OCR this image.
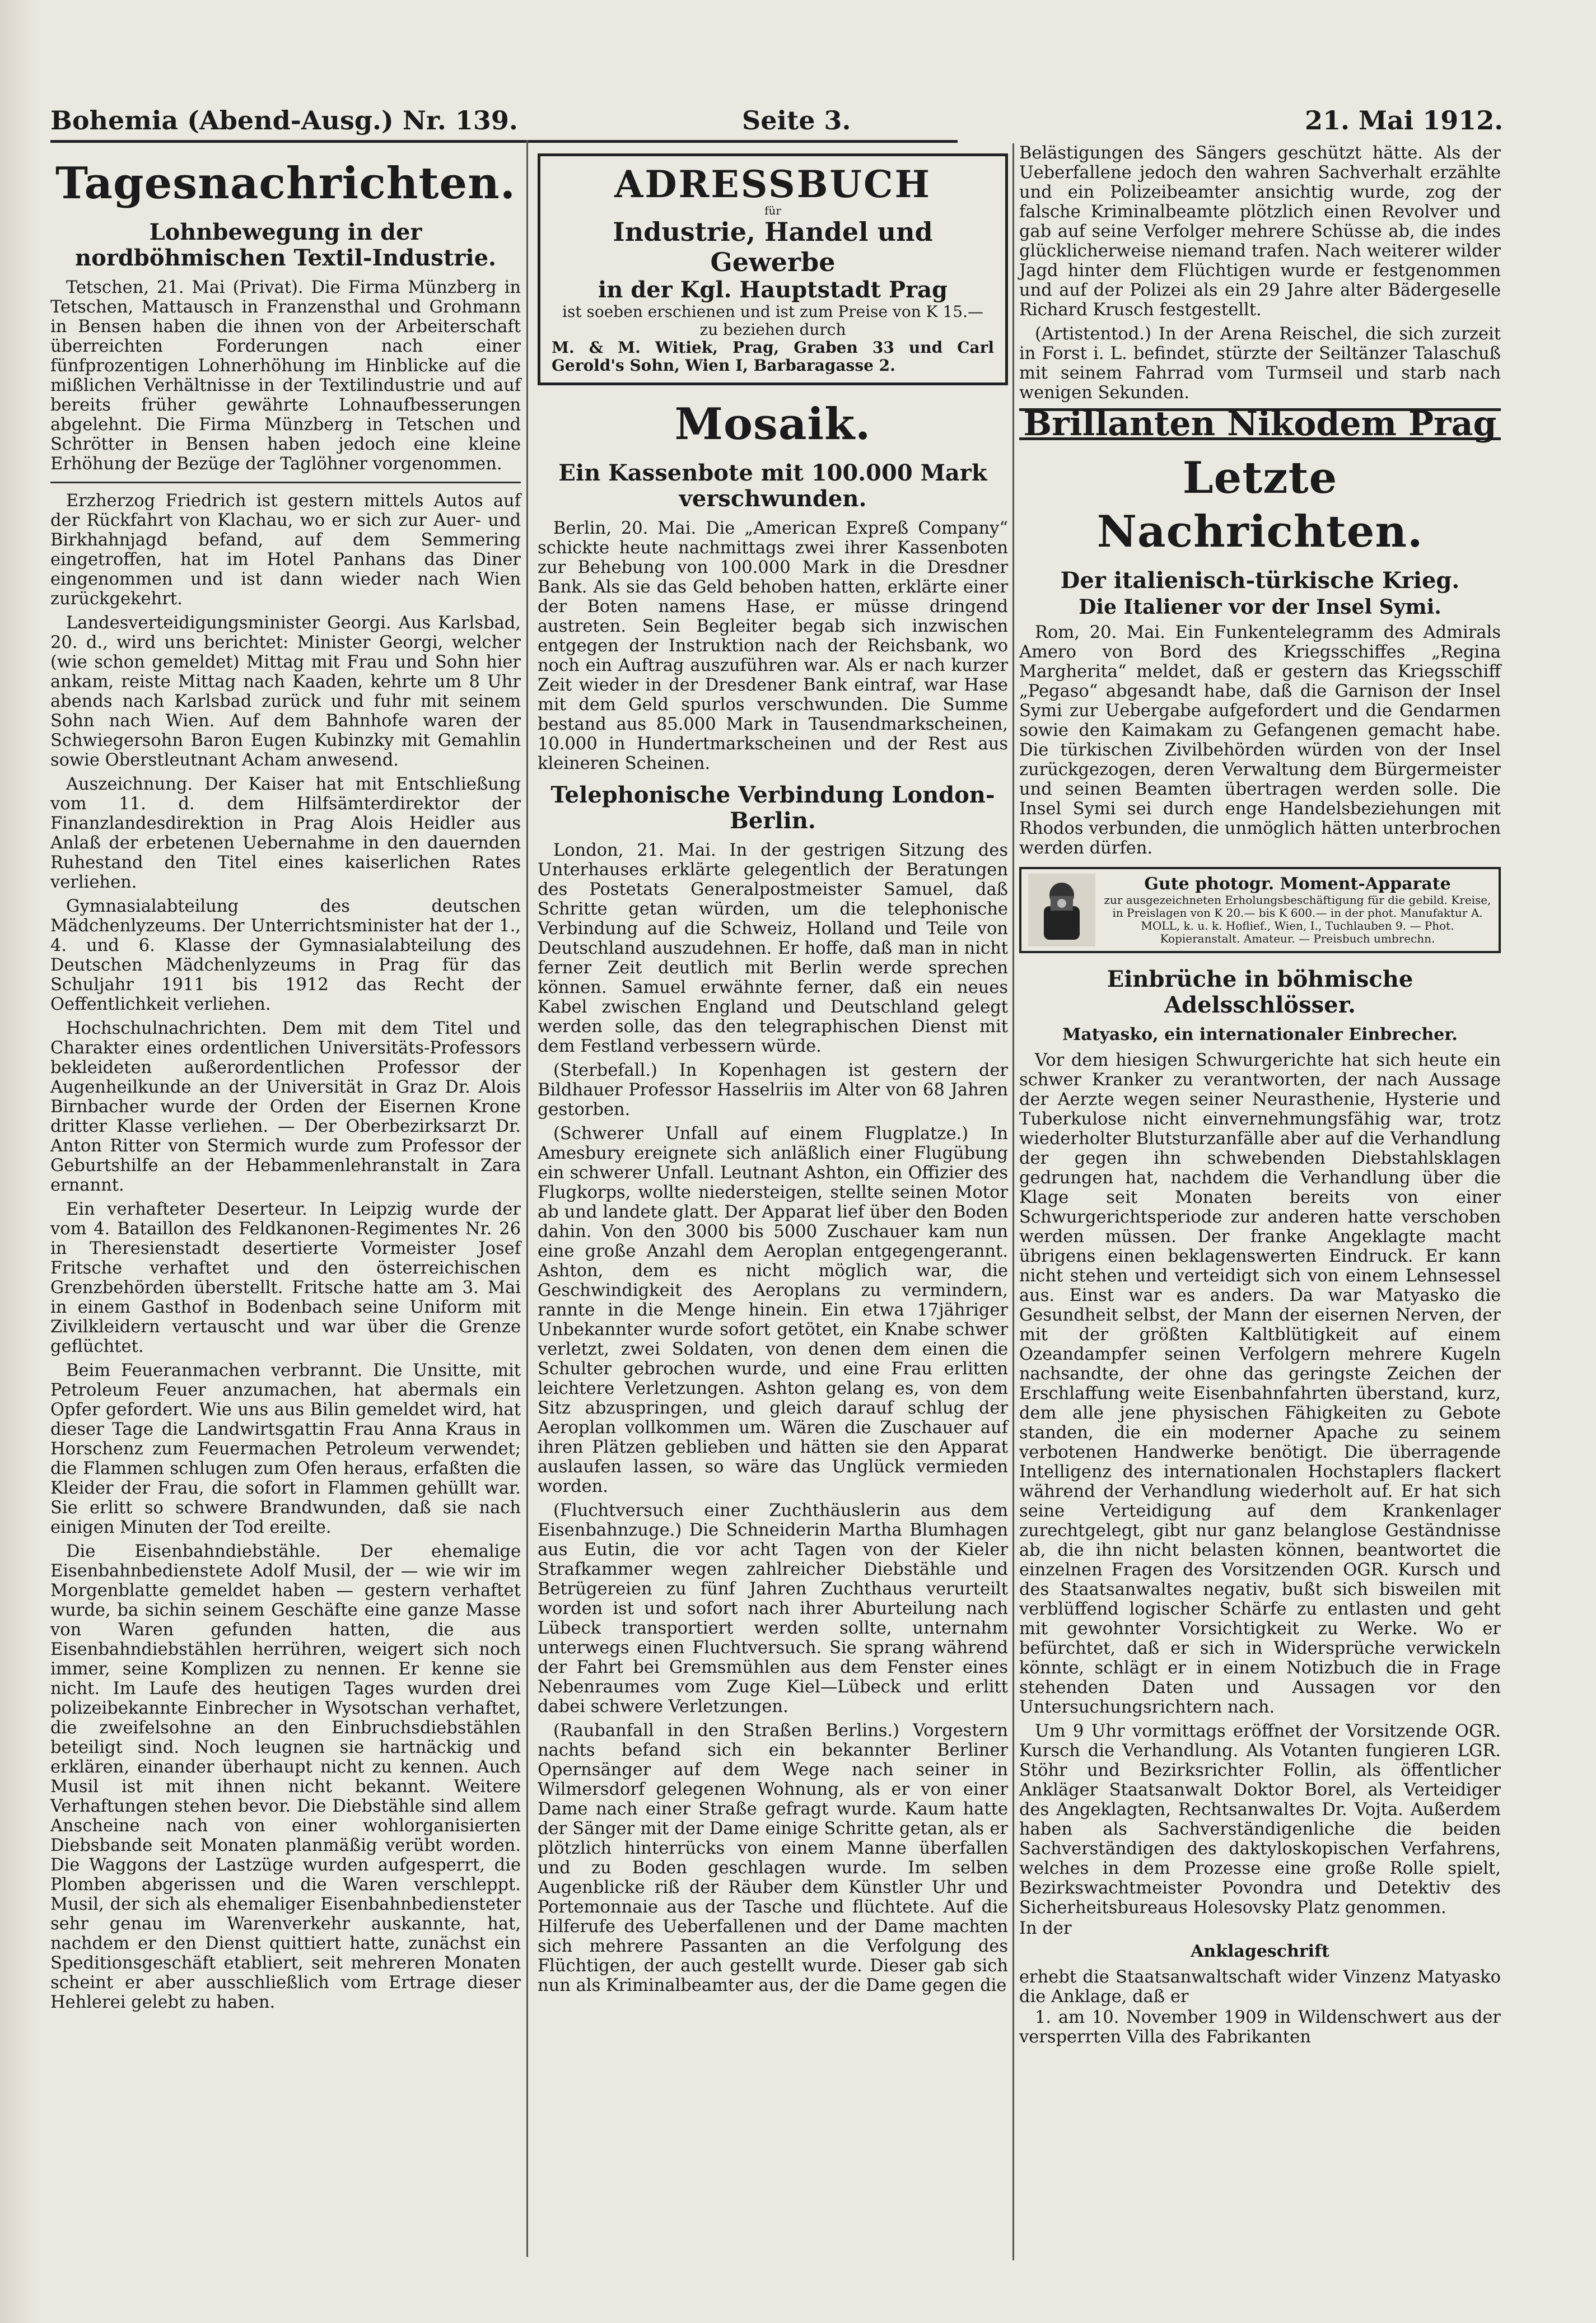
Bohemia (Abend-Ausg.) Nr. 139.	Seite 3.	21. Mai 1912.
Tagesnachrichten.
Lohnbewegung in der nordböhmischen Textil-Industrie.

Tetschen, 21. Mai (Privat). Die Firma Münzberg in Tetschen, Mattausch in Franzensthal und Grohmann in Bensen haben die ihnen von der Arbeiterschaft überreichten Forderungen nach einer fünfprozentigen Lohnerhöhung im Hinblicke auf die mißlichen Verhältnisse in der Textilindustrie und auf bereits früher gewährte Lohnaufbesserungen abgelehnt. Die Firma Münzberg in Tetschen und Schrötter in Bensen haben jedoch eine kleine Erhöhung der Bezüge der Taglöhner vorgenommen.

Erzherzog Friedrich ist gestern mittels Autos auf der Rückfahrt von Klachau, wo er sich zur Auer- und Birkhahnjagd befand, auf dem Semmering eingetroffen, hat im Hotel Panhans das Diner eingenommen und ist dann wieder nach Wien zurückgekehrt.

Landesverteidigungsminister Georgi. Aus Karlsbad, 20. d., wird uns berichtet: Minister Georgi, welcher (wie schon gemeldet) Mittag mit Frau und Sohn hier ankam, reiste Mittag nach Kaaden, kehrte um 8 Uhr abends nach Karlsbad zurück und fuhr mit seinem Sohn nach Wien. Auf dem Bahnhofe waren der Schwiegersohn Baron Eugen Kubinzky mit Gemahlin sowie Oberstleutnant Acham anwesend.

Auszeichnung. Der Kaiser hat mit Entschließung vom 11. d. dem Hilfsämterdirektor der Finanzlandesdirektion in Prag Alois Heidler aus Anlaß der erbetenen Uebernahme in den dauernden Ruhestand den Titel eines kaiserlichen Rates verliehen.

Gymnasialabteilung des deutschen Mädchenlyzeums. Der Unterrichtsminister hat der 1., 4. und 6. Klasse der Gymnasialabteilung des Deutschen Mädchenlyzeums in Prag für das Schuljahr 1911 bis 1912 das Recht der Oeffentlichkeit verliehen.

Hochschulnachrichten. Dem mit dem Titel und Charakter eines ordentlichen Universitäts-Professors bekleideten außerordentlichen Professor der Augenheilkunde an der Universität in Graz Dr. Alois Birnbacher wurde der Orden der Eisernen Krone dritter Klasse verliehen. — Der Oberbezirksarzt Dr. Anton Ritter von Stermich wurde zum Professor der Geburtshilfe an der Hebammenlehranstalt in Zara ernannt.

Ein verhafteter Deserteur. In Leipzig wurde der vom 4. Bataillon des Feldkanonen-Regimentes Nr. 26 in Theresienstadt desertierte Vormeister Josef Fritsche verhaftet und den österreichischen Grenzbehörden überstellt. Fritsche hatte am 3. Mai in einem Gasthof in Bodenbach seine Uniform mit Zivilkleidern vertauscht und war über die Grenze geflüchtet.

Beim Feueranmachen verbrannt. Die Unsitte, mit Petroleum Feuer anzumachen, hat abermals ein Opfer gefordert. Wie uns aus Bilin gemeldet wird, hat dieser Tage die Landwirtsgattin Frau Anna Kraus in Horschenz zum Feuermachen Petroleum verwendet; die Flammen schlugen zum Ofen heraus, erfaßten die Kleider der Frau, die sofort in Flammen gehüllt war. Sie erlitt so schwere Brandwunden, daß sie nach einigen Minuten der Tod ereilte.

Die Eisenbahndiebstähle. Der ehemalige Eisenbahnbedienstete Adolf Musil, der — wie wir im Morgenblatte gemeldet haben — gestern verhaftet wurde, ba sichin seinem Geschäfte eine ganze Masse von Waren gefunden hatten, die aus Eisenbahndiebstählen herrühren, weigert sich noch immer, seine Komplizen zu nennen. Er kenne sie nicht. Im Laufe des heutigen Tages wurden drei polizeibekannte Einbrecher in Wysotschan verhaftet, die zweifelsohne an den Einbruchsdiebstählen beteiligt sind. Noch leugnen sie hartnäckig und erklären, einander überhaupt nicht zu kennen. Auch Musil ist mit ihnen nicht bekannt. Weitere Verhaftungen stehen bevor. Die Diebstähle sind allem Anscheine nach von einer wohlorganisierten Diebsbande seit Monaten planmäßig verübt worden. Die Waggons der Lastzüge wurden aufgesperrt, die Plomben abgerissen und die Waren verschleppt. Musil, der sich als ehemaliger Eisenbahnbediensteter sehr genau im Warenverkehr auskannte, hat, nachdem er den Dienst quittiert hatte, zunächst ein Speditionsgeschäft etabliert, seit mehreren Monaten scheint er aber ausschließlich vom Ertrage dieser Hehlerei gelebt zu haben.

ADRESSBUCH
für
Industrie, Handel und Gewerbe
in der Kgl. Hauptstadt Prag
ist soeben erschienen und ist zum Preise von K 15.— zu beziehen durch
M. & M. Witiek, Prag, Graben 33 und Carl Gerold's Sohn, Wien I, Barbaragasse 2.
Mosaik.
Ein Kassenbote mit 100.000 Mark verschwunden.

Berlin, 20. Mai. Die „American Expreß Company“ schickte heute nachmittags zwei ihrer Kassenboten zur Behebung von 100.000 Mark in die Dresdner Bank. Als sie das Geld behoben hatten, erklärte einer der Boten namens Hase, er müsse dringend austreten. Sein Begleiter begab sich inzwischen entgegen der Instruktion nach der Reichsbank, wo noch ein Auftrag auszuführen war. Als er nach kurzer Zeit wieder in der Dresdener Bank eintraf, war Hase mit dem Geld spurlos verschwunden. Die Summe bestand aus 85.000 Mark in Tausendmarkscheinen, 10.000 in Hundertmarkscheinen und der Rest aus kleineren Scheinen.

Telephonische Verbindung London-Berlin.

London, 21. Mai. In der gestrigen Sitzung des Unterhauses erklärte gelegentlich der Beratungen des Postetats Generalpostmeister Samuel, daß Schritte getan würden, um die telephonische Verbindung auf die Schweiz, Holland und Teile von Deutschland auszudehnen. Er hoffe, daß man in nicht ferner Zeit deutlich mit Berlin werde sprechen können. Samuel erwähnte ferner, daß ein neues Kabel zwischen England und Deutschland gelegt werden solle, das den telegraphischen Dienst mit dem Festland verbessern würde.

(Sterbefall.) In Kopenhagen ist gestern der Bildhauer Professor Hasselriis im Alter von 68 Jahren gestorben.

(Schwerer Unfall auf einem Flugplatze.) In Amesbury ereignete sich anläßlich einer Flugübung ein schwerer Unfall. Leutnant Ashton, ein Offizier des Flugkorps, wollte niedersteigen, stellte seinen Motor ab und landete glatt. Der Apparat lief über den Boden dahin. Von den 3000 bis 5000 Zuschauer kam nun eine große Anzahl dem Aeroplan entgegengerannt. Ashton, dem es nicht möglich war, die Geschwindigkeit des Aeroplans zu vermindern, rannte in die Menge hinein. Ein etwa 17jähriger Unbekannter wurde sofort getötet, ein Knabe schwer verletzt, zwei Soldaten, von denen dem einen die Schulter gebrochen wurde, und eine Frau erlitten leichtere Verletzungen. Ashton gelang es, von dem Sitz abzuspringen, und gleich darauf schlug der Aeroplan vollkommen um. Wären die Zuschauer auf ihren Plätzen geblieben und hätten sie den Apparat auslaufen lassen, so wäre das Unglück vermieden worden.

(Fluchtversuch einer Zuchthäuslerin aus dem Eisenbahnzuge.) Die Schneiderin Martha Blumhagen aus Eutin, die vor acht Tagen von der Kieler Strafkammer wegen zahlreicher Diebstähle und Betrügereien zu fünf Jahren Zuchthaus verurteilt worden ist und sofort nach ihrer Aburteilung nach Lübeck transportiert werden sollte, unternahm unterwegs einen Fluchtversuch. Sie sprang während der Fahrt bei Gremsmühlen aus dem Fenster eines Nebenraumes vom Zuge Kiel—Lübeck und erlitt dabei schwere Verletzungen.

(Raubanfall in den Straßen Berlins.) Vorgestern nachts befand sich ein bekannter Berliner Opernsänger auf dem Wege nach seiner in Wilmersdorf gelegenen Wohnung, als er von einer Dame nach einer Straße gefragt wurde. Kaum hatte der Sänger mit der Dame einige Schritte getan, als er plötzlich hinterrücks von einem Manne überfallen und zu Boden geschlagen wurde. Im selben Augenblicke riß der Räuber dem Künstler Uhr und Portemonnaie aus der Tasche und flüchtete. Auf die Hilferufe des Ueberfallenen und der Dame machten sich mehrere Passanten an die Verfolgung des Flüchtigen, der auch gestellt wurde. Dieser gab sich nun als Kriminalbeamter aus, der die Dame gegen die

Belästigungen des Sängers geschützt hätte. Als der Ueberfallene jedoch den wahren Sachverhalt erzählte und ein Polizeibeamter ansichtig wurde, zog der falsche Kriminalbeamte plötzlich einen Revolver und gab auf seine Verfolger mehrere Schüsse ab, die indes glücklicherweise niemand trafen. Nach weiterer wilder Jagd hinter dem Flüchtigen wurde er festgenommen und auf der Polizei als ein 29 Jahre alter Bädergeselle Richard Krusch festgestellt.

(Artistentod.) In der Arena Reischel, die sich zurzeit in Forst i. L. befindet, stürzte der Seiltänzer Talaschuß mit seinem Fahrrad vom Turmseil und starb nach wenigen Sekunden.

Brillanten Nikodem Prag
Letzte Nachrichten.
Der italienisch-türkische Krieg.
Die Italiener vor der Insel Symi.

Rom, 20. Mai. Ein Funkentelegramm des Admirals Amero von Bord des Kriegsschiffes „Regina Margherita“ meldet, daß er gestern das Kriegsschiff „Pegaso“ abgesandt habe, daß die Garnison der Insel Symi zur Uebergabe aufgefordert und die Gendarmen sowie den Kaimakam zu Gefangenen gemacht habe. Die türkischen Zivilbehörden würden von der Insel zurückgezogen, deren Verwaltung dem Bürgermeister und seinen Beamten übertragen werden solle. Die Insel Symi sei durch enge Handelsbeziehungen mit Rhodos verbunden, die unmöglich hätten unterbrochen werden dürfen.

Gute photogr. Moment-Apparate
zur ausgezeichneten Erholungsbeschäftigung für die gebild. Kreise, in Preislagen von K 20.— bis K 600.— in der phot. Manufaktur A. MOLL, k. u. k. Hoflief., Wien, I., Tuchlauben 9. — Phot. Kopieranstalt. Amateur. — Preisbuch umbrechn.
Einbrüche in böhmische Adelsschlösser.
Matyasko, ein internationaler Einbrecher.

Vor dem hiesigen Schwurgerichte hat sich heute ein schwer Kranker zu verantworten, der nach Aussage der Aerzte wegen seiner Neurasthenie, Hysterie und Tuberkulose nicht einvernehmungsfähig war, trotz wiederholter Blutsturzanfälle aber auf die Verhandlung der gegen ihn schwebenden Diebstahlsklagen gedrungen hat, nachdem die Verhandlung über die Klage seit Monaten bereits von einer Schwurgerichtsperiode zur anderen hatte verschoben werden müssen. Der franke Angeklagte macht übrigens einen beklagenswerten Eindruck. Er kann nicht stehen und verteidigt sich von einem Lehnsessel aus. Einst war es anders. Da war Matyasko die Gesundheit selbst, der Mann der eisernen Nerven, der mit der größten Kaltblütigkeit auf einem Ozeandampfer seinen Verfolgern mehrere Kugeln nachsandte, der ohne das geringste Zeichen der Erschlaffung weite Eisenbahnfahrten überstand, kurz, dem alle jene physischen Fähigkeiten zu Gebote standen, die ein moderner Apache zu seinem verbotenen Handwerke benötigt. Die überragende Intelligenz des internationalen Hochstaplers flackert während der Verhandlung wiederholt auf. Er hat sich seine Verteidigung auf dem Krankenlager zurechtgelegt, gibt nur ganz belanglose Geständnisse ab, die ihn nicht belasten können, beantwortet die einzelnen Fragen des Vorsitzenden OGR. Kursch und des Staatsanwaltes negativ, bußt sich bisweilen mit verblüffend logischer Schärfe zu entlasten und geht mit gewohnter Vorsichtigkeit zu Werke. Wo er befürchtet, daß er sich in Widersprüche verwickeln könnte, schlägt er in einem Notizbuch die in Frage stehenden Daten und Aussagen vor den Untersuchungsrichtern nach.

Um 9 Uhr vormittags eröffnet der Vorsitzende OGR. Kursch die Verhandlung. Als Votanten fungieren LGR. Stöhr und Bezirksrichter Follin, als öffentlicher Ankläger Staatsanwalt Doktor Borel, als Verteidiger des Angeklagten, Rechtsanwaltes Dr. Vojta. Außerdem haben als Sachverständigenliche die beiden Sachverständigen des daktyloskopischen Verfahrens, welches in dem Prozesse eine große Rolle spielt, Bezirkswachtmeister Povondra und Detektiv des Sicherheitsbureaus Holesovsky Platz genommen.

In der

Anklageschrift

erhebt die Staatsanwaltschaft wider Vinzenz Matyasko die Anklage, daß er

1. am 10. November 1909 in Wildenschwert aus der versperrten Villa des Fabrikanten
